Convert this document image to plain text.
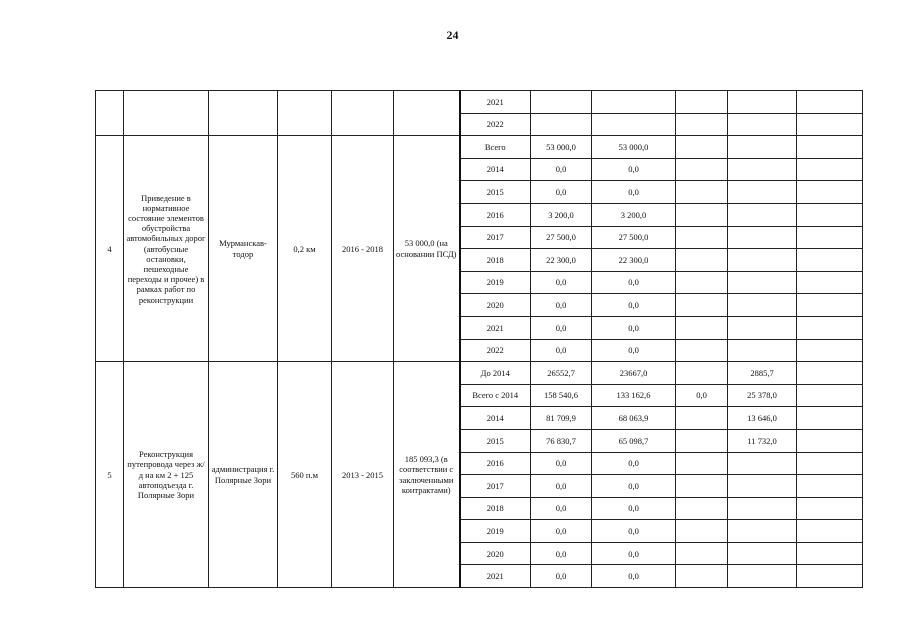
24
						2021					
						2022					
4	Приведение в нормативное состояние элементов обустройства автомобильных дорог (автобусные остановки, пешеходные переходы и прочее) в рамках работ по реконструкции	Мурманскав-тодор	0,2 км	2016 - 2018	53 000,0 (на основании ПСД)	Всего	53 000,0	53 000,0			
						2014	0,0	0,0			
						2015	0,0	0,0			
						2016	3 200,0	3 200,0			
						2017	27 500,0	27 500,0			
						2018	22 300,0	22 300,0			
						2019	0,0	0,0			
						2020	0,0	0,0			
						2021	0,0	0,0			
						2022	0,0	0,0			
5	Реконструкция путепровода через ж/д на км 2 + 125 автоподъезда г. Полярные Зори	администрация г. Полярные Зори	560 п.м	2013 - 2015	185 093,3 (в соответствии с заключенными контрактами)	До 2014	26552,7	23667,0		2885,7	
						Всего с 2014	158 540,6	133 162,6	0,0	25 378,0	
						2014	81 709,9	68 063,9		13 646,0	
						2015	76 830,7	65 098,7		11 732,0	
						2016	0,0	0,0			
						2017	0,0	0,0			
						2018	0,0	0,0			
						2019	0,0	0,0			
						2020	0,0	0,0			
						2021	0,0	0,0			
